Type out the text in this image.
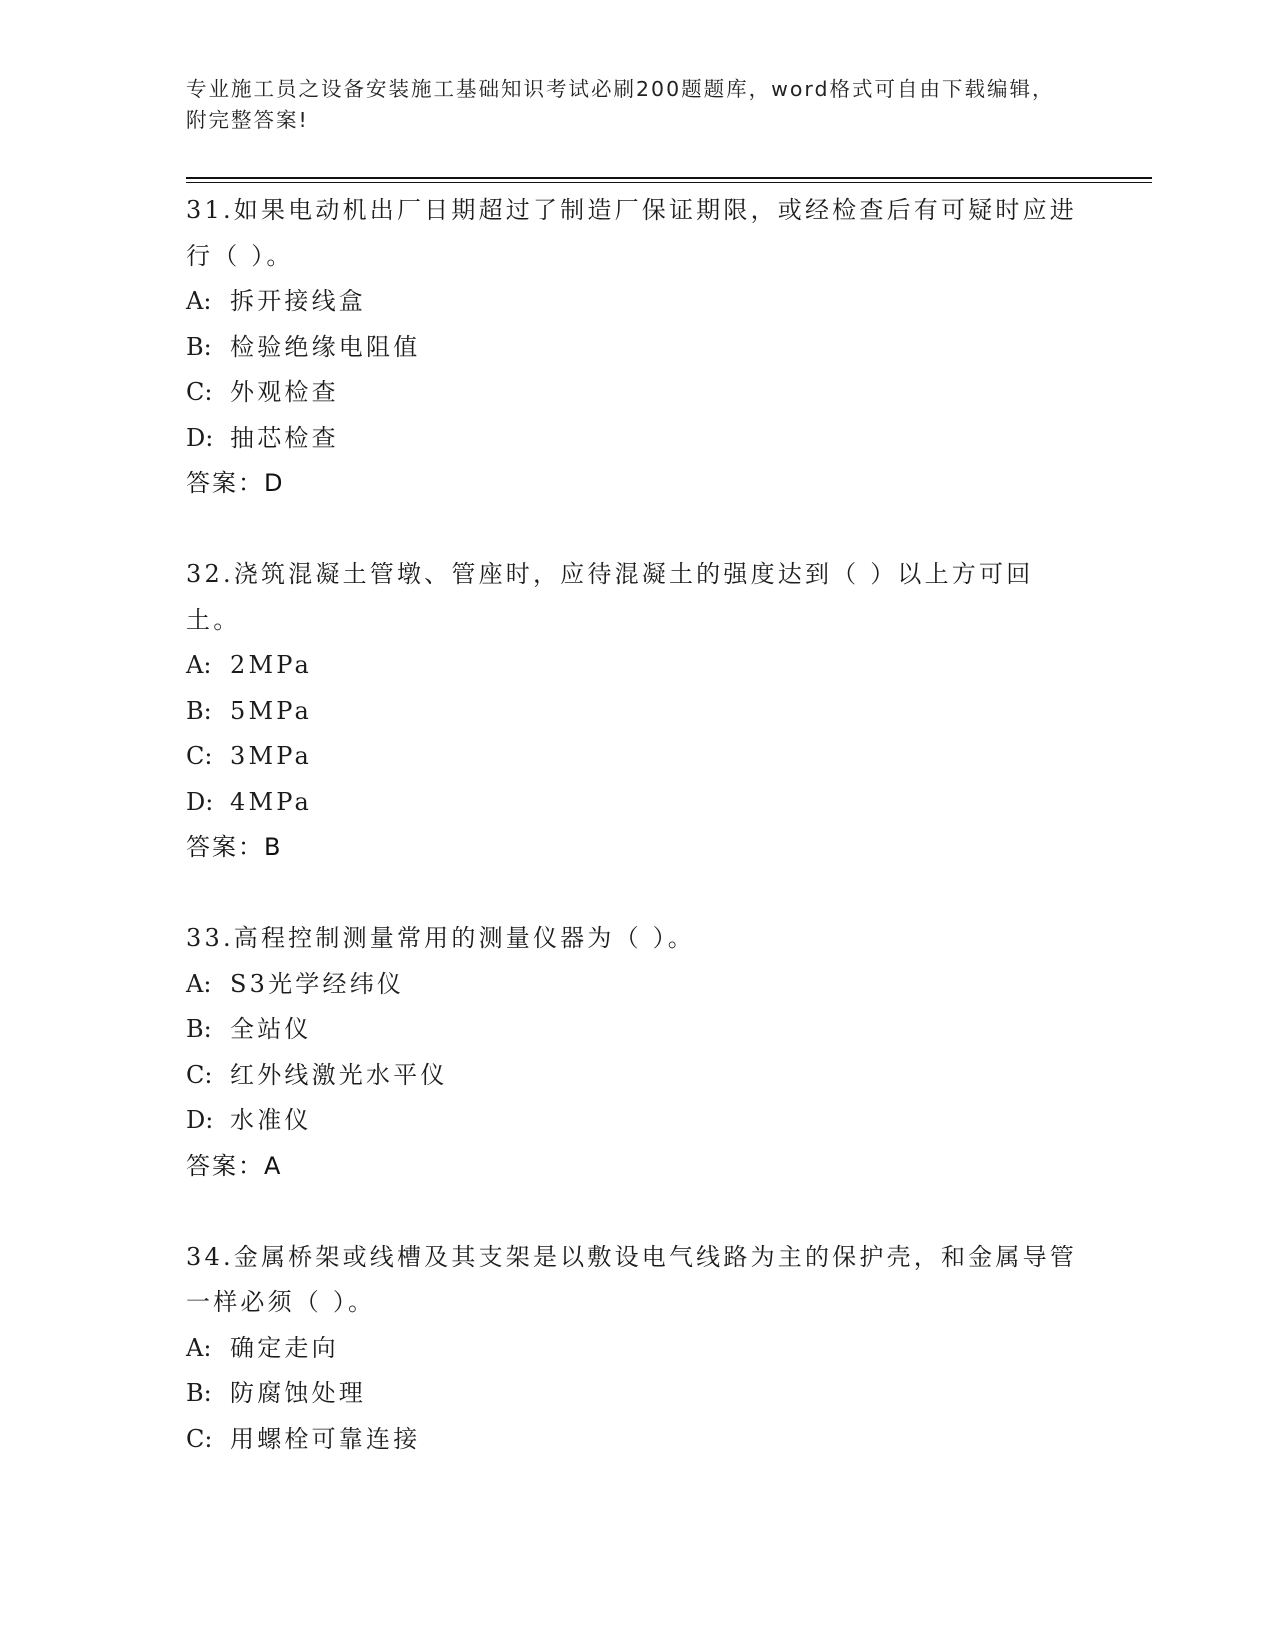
专业施工员之设备安装施工基础知识考试必刷200题题库，word格式可自由下载编辑，附完整答案!

31.如果电动机出厂日期超过了制造厂保证期限，或经检查后有可疑时应进行（ ）。

A: 拆开接线盒

B: 检验绝缘电阻值

C: 外观检查

D: 抽芯检查

答案：D

32.浇筑混凝土管墩、管座时，应待混凝土的强度达到（ ）以上方可回土。

A: 2MPa

B: 5MPa

C: 3MPa

D: 4MPa

答案：B

33.高程控制测量常用的测量仪器为（ ）。

A: S3光学经纬仪

B: 全站仪

C: 红外线激光水平仪

D: 水准仪

答案：A

34.金属桥架或线槽及其支架是以敷设电气线路为主的保护壳，和金属导管一样必须（ ）。

A: 确定走向

B: 防腐蚀处理

C: 用螺栓可靠连接
